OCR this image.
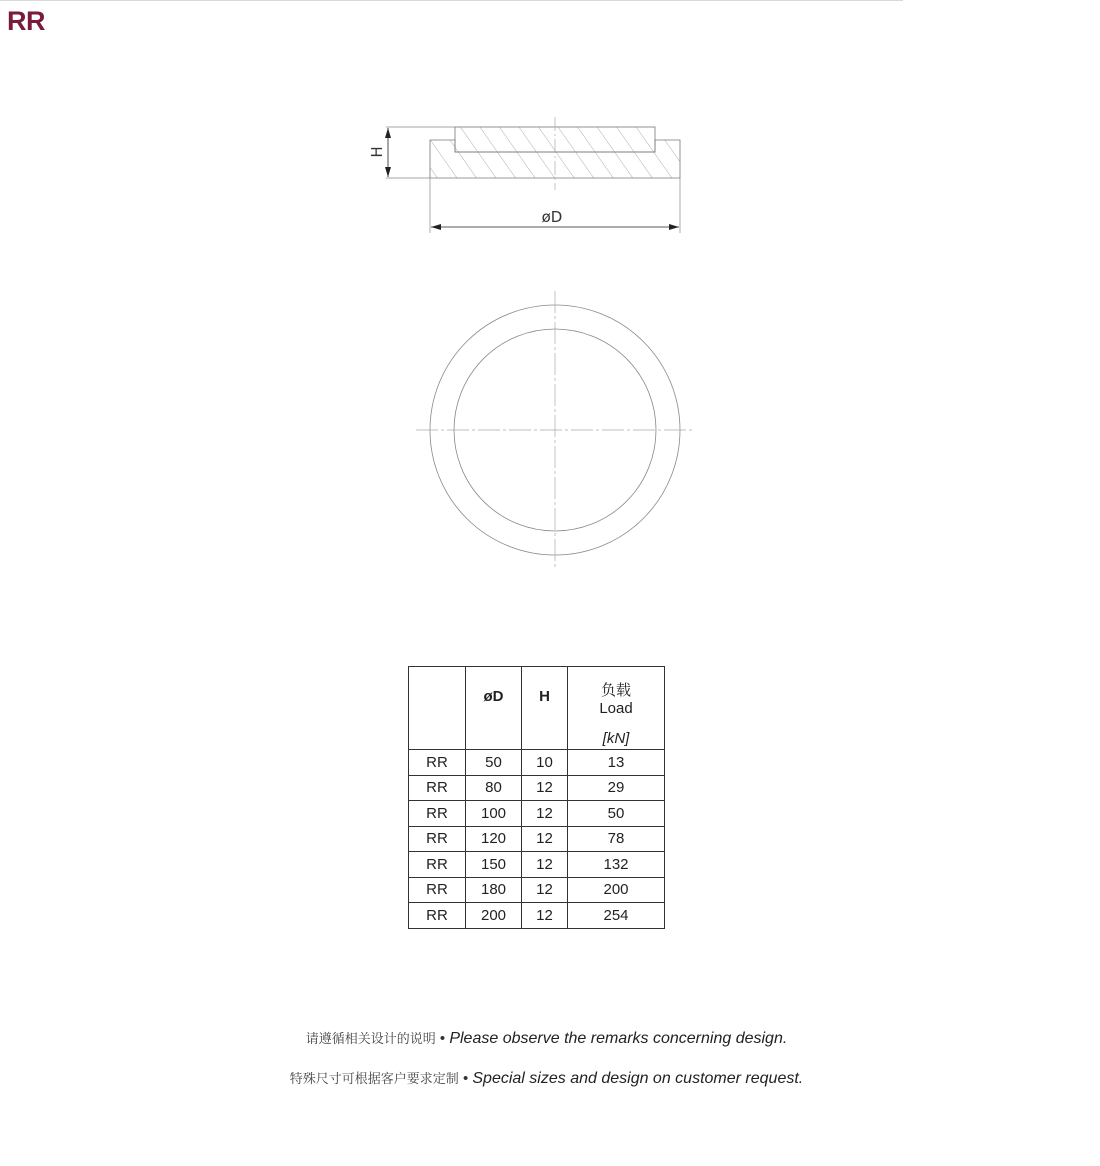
RR
H
øD

	øD	H	负载
Load
[kN]

RR	50	10	13
RR	80	12	29
RR	100	12	50
RR	120	12	78
RR	150	12	132
RR	180	12	200
RR	200	12	254
请遵循相关设计的说明 • Please observe the remarks concerning design.
特殊尺寸可根据客户要求定制 • Special sizes and design on customer request.
